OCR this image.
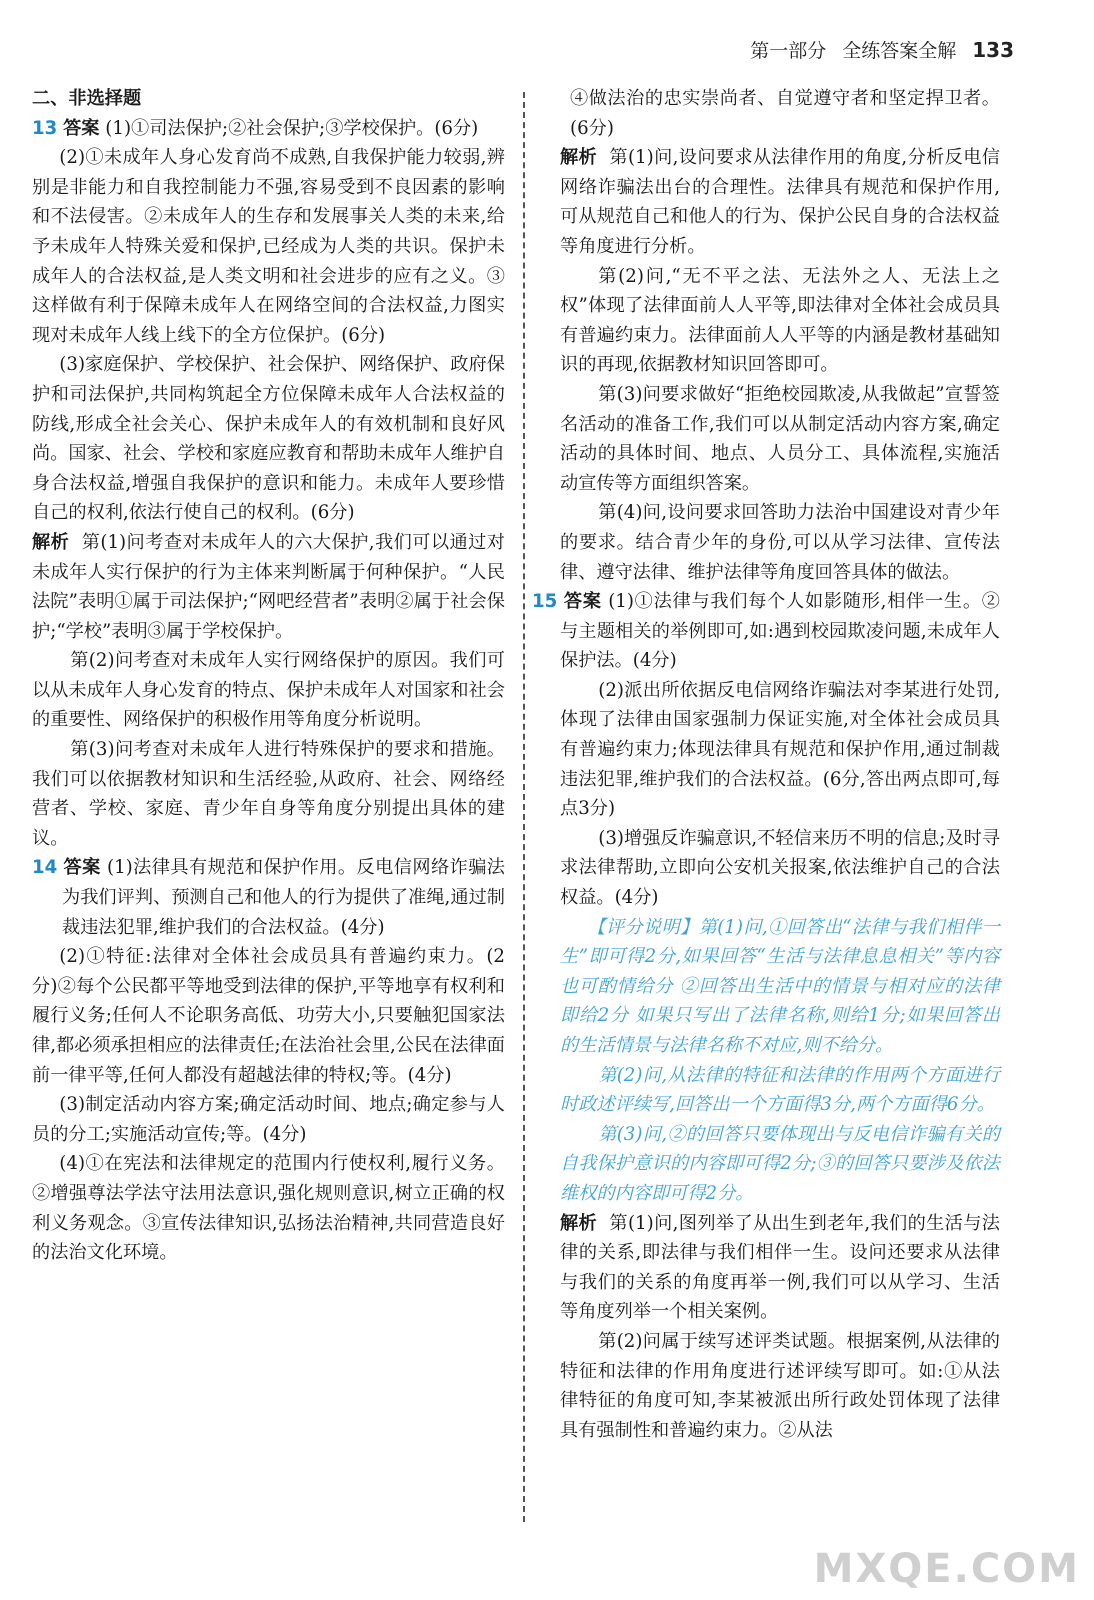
第一部分 全练答案全解 133

二、非选择题

13 答案 (1)①司法保护;②社会保护;③学校保护。(6分)

(2)①未成年人身心发育尚不成熟,自我保护能力较弱,辨别是非能力和自我控制能力不强,容易受到不良因素的影响和不法侵害。②未成年人的生存和发展事关人类的未来,给予未成年人特殊关爱和保护,已经成为人类的共识。保护未成年人的合法权益,是人类文明和社会进步的应有之义。③这样做有利于保障未成年人在网络空间的合法权益,力图实现对未成年人线上线下的全方位保护。(6分)

(3)家庭保护、学校保护、社会保护、网络保护、政府保护和司法保护,共同构筑起全方位保障未成年人合法权益的防线,形成全社会关心、保护未成年人的有效机制和良好风尚。国家、社会、学校和家庭应教育和帮助未成年人维护自身合法权益,增强自我保护的意识和能力。未成年人要珍惜自己的权利,依法行使自己的权利。(6分)

解析 第(1)问考查对未成年人的六大保护,我们可以通过对未成年人实行保护的行为主体来判断属于何种保护。“人民法院”表明①属于司法保护;“网吧经营者”表明②属于社会保护;“学校”表明③属于学校保护。

第(2)问考查对未成年人实行网络保护的原因。我们可以从未成年人身心发育的特点、保护未成年人对国家和社会的重要性、网络保护的积极作用等角度分析说明。

第(3)问考查对未成年人进行特殊保护的要求和措施。我们可以依据教材知识和生活经验,从政府、社会、网络经营者、学校、家庭、青少年自身等角度分别提出具体的建议。

14 答案 (1)法律具有规范和保护作用。反电信网络诈骗法为我们评判、预测自己和他人的行为提供了准绳,通过制裁违法犯罪,维护我们的合法权益。(4分)

(2)①特征:法律对全体社会成员具有普遍约束力。(2分)②每个公民都平等地受到法律的保护,平等地享有权利和履行义务;任何人不论职务高低、功劳大小,只要触犯国家法律,都必须承担相应的法律责任;在法治社会里,公民在法律面前一律平等,任何人都没有超越法律的特权;等。(4分)

(3)制定活动内容方案;确定活动时间、地点;确定参与人员的分工;实施活动宣传;等。(4分)

(4)①在宪法和法律规定的范围内行使权利,履行义务。②增强尊法学法守法用法意识,强化规则意识,树立正确的权利义务观念。③宣传法律知识,弘扬法治精神,共同营造良好的法治文化环境。

④做法治的忠实崇尚者、自觉遵守者和坚定捍卫者。(6分)

解析 第(1)问,设问要求从法律作用的角度,分析反电信网络诈骗法出台的合理性。法律具有规范和保护作用,可从规范自己和他人的行为、保护公民自身的合法权益等角度进行分析。

第(2)问,“无不平之法、无法外之人、无法上之权”体现了法律面前人人平等,即法律对全体社会成员具有普遍约束力。法律面前人人平等的内涵是教材基础知识的再现,依据教材知识回答即可。

第(3)问要求做好“拒绝校园欺凌,从我做起”宣誓签名活动的准备工作,我们可以从制定活动内容方案,确定活动的具体时间、地点、人员分工、具体流程,实施活动宣传等方面组织答案。

第(4)问,设问要求回答助力法治中国建设对青少年的要求。结合青少年的身份,可以从学习法律、宣传法律、遵守法律、维护法律等角度回答具体的做法。

15 答案 (1)①法律与我们每个人如影随形,相伴一生。②与主题相关的举例即可,如:遇到校园欺凌问题,未成年人保护法。(4分)

(2)派出所依据反电信网络诈骗法对李某进行处罚,体现了法律由国家强制力保证实施,对全体社会成员具有普遍约束力;体现法律具有规范和保护作用,通过制裁违法犯罪,维护我们的合法权益。(6分,答出两点即可,每点3分)

(3)增强反诈骗意识,不轻信来历不明的信息;及时寻求法律帮助,立即向公安机关报案,依法维护自己的合法权益。(4分)

【评分说明】第(1)问,①回答出“法律与我们相伴一生”即可得2分,如果回答“生活与法律息息相关”等内容也可酌情给分 ②回答出生活中的情景与相对应的法律即给2分 如果只写出了法律名称,则给1分;如果回答出的生活情景与法律名称不对应,则不给分。

第(2)问,从法律的特征和法律的作用两个方面进行时政述评续写,回答出一个方面得3分,两个方面得6分。

第(3)问,②的回答只要体现出与反电信诈骗有关的自我保护意识的内容即可得2分;③的回答只要涉及依法维权的内容即可得2分。

解析 第(1)问,图列举了从出生到老年,我们的生活与法律的关系,即法律与我们相伴一生。设问还要求从法律与我们的关系的角度再举一例,我们可以从学习、生活等角度列举一个相关案例。

第(2)问属于续写述评类试题。根据案例,从法律的特征和法律的作用角度进行述评续写即可。如:①从法律特征的角度可知,李某被派出所行政处罚体现了法律具有强制性和普遍约束力。②从法

MXQE.COM
